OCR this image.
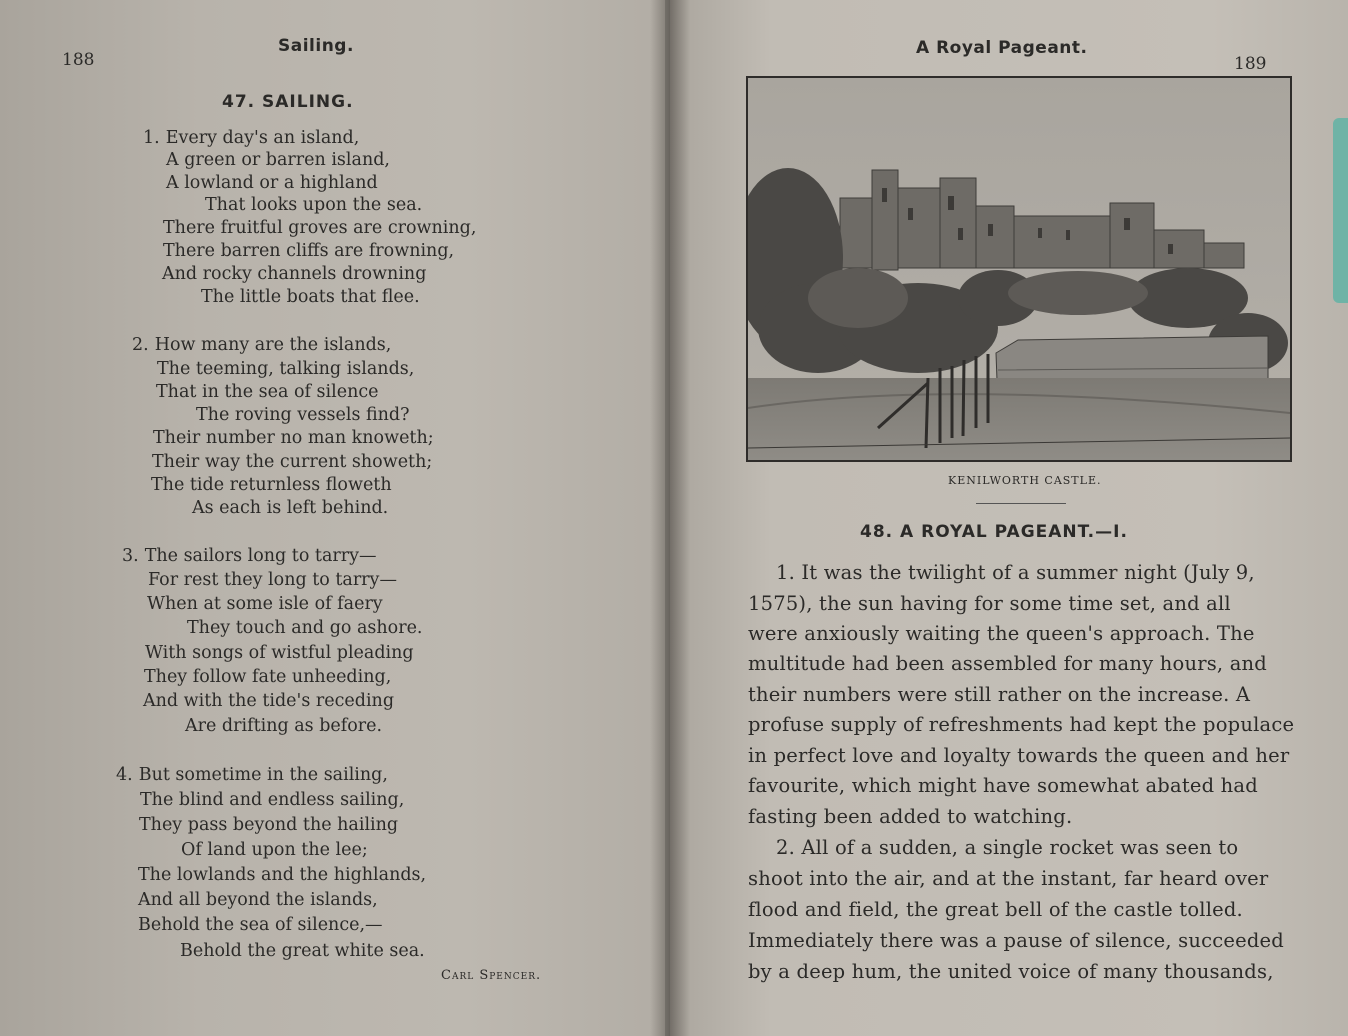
188
Sailing.
47. SAILING.
1. Every day's an island,
A green or barren island,
A lowland or a highland
That looks upon the sea.
There fruitful groves are crowning,
There barren cliffs are frowning,
And rocky channels drowning
The little boats that flee.
2. How many are the islands,
The teeming, talking islands,
That in the sea of silence
The roving vessels find?
Their number no man knoweth;
Their way the current showeth;
The tide returnless floweth
As each is left behind.
3. The sailors long to tarry—
For rest they long to tarry—
When at some isle of faery
They touch and go ashore.
With songs of wistful pleading
They follow fate unheeding,
And with the tide's receding
Are drifting as before.
4. But sometime in the sailing,
The blind and endless sailing,
They pass beyond the hailing
Of land upon the lee;
The lowlands and the highlands,
And all beyond the islands,
Behold the sea of silence,—
Behold the great white sea.
Carl Spencer.
A Royal Pageant.
189
KENILWORTH CASTLE.
48. A ROYAL PAGEANT.—I.
1. It was the twilight of a summer night (July 9,
1575), the sun having for some time set, and all
were anxiously waiting the queen's approach. The
multitude had been assembled for many hours, and
their numbers were still rather on the increase. A
profuse supply of refreshments had kept the populace
in perfect love and loyalty towards the queen and her
favourite, which might have somewhat abated had
fasting been added to watching.
2. All of a sudden, a single rocket was seen to
shoot into the air, and at the instant, far heard over
flood and field, the great bell of the castle tolled.
Immediately there was a pause of silence, succeeded
by a deep hum, the united voice of many thousands,
